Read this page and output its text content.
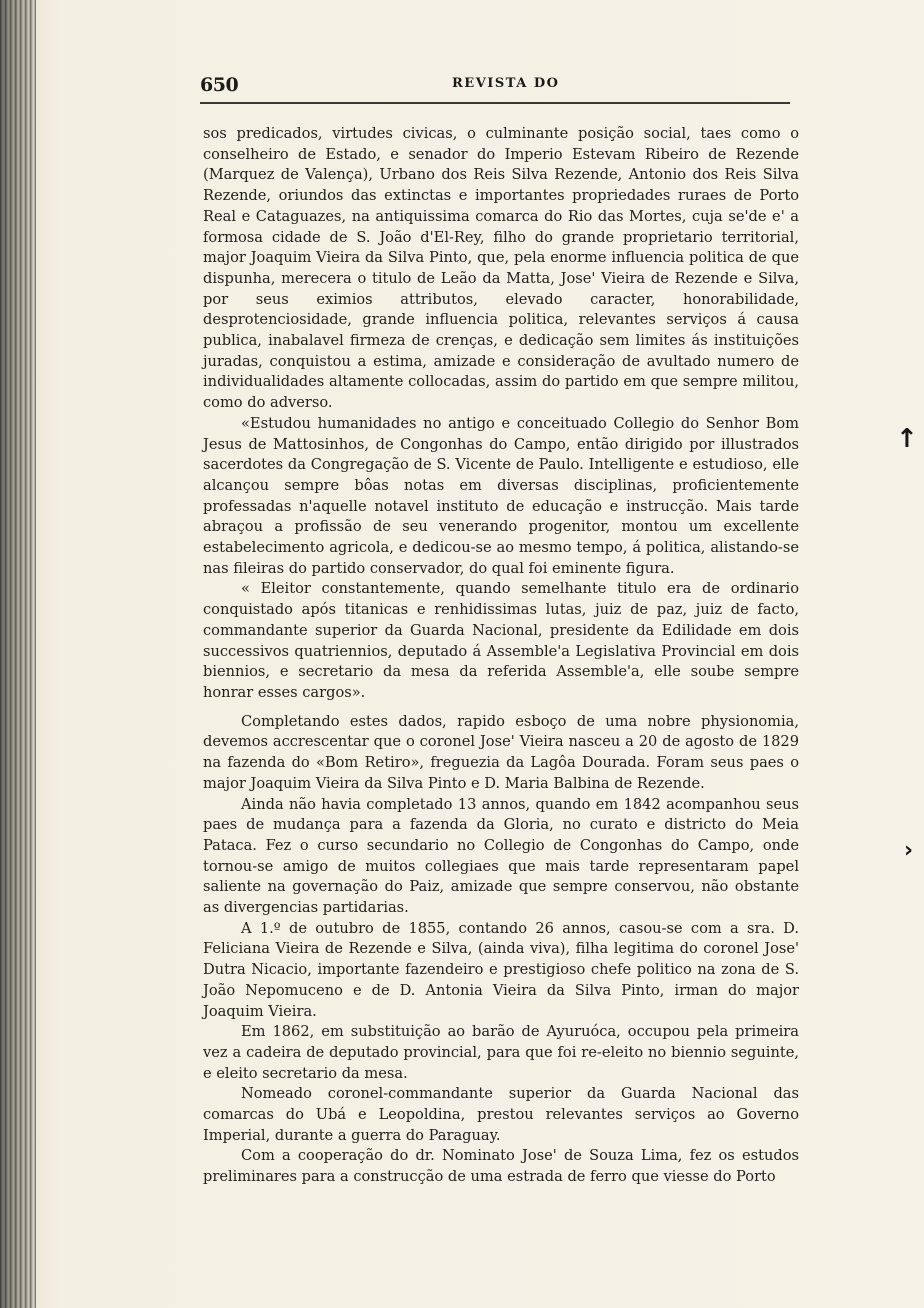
650	REVISTA DO

sos predicados, virtudes civicas, o culminante posição social, taes como o conselheiro de Estado, e senador do Imperio Estevam Ribeiro de Rezende (Marquez de Valença), Urbano dos Reis Silva Rezende, Antonio dos Reis Silva Rezende, oriundos das extinctas e importantes propriedades ruraes de Porto Real e Cataguazes, na antiquissima comarca do Rio das Mortes, cuja se'de e' a formosa cidade de S. João d'El-Rey, filho do grande proprietario territorial, major Joaquim Vieira da Silva Pinto, que, pela enorme influencia politica de que dispunha, merecera o titulo de Leão da Matta, Jose' Vieira de Rezende e Silva, por seus eximios attributos, elevado caracter, honorabilidade, desprotenciosidade, grande influencia politica, relevantes serviços á causa publica, inabalavel firmeza de crenças, e dedicação sem limites ás instituições juradas, conquistou a estima, amizade e consideração de avultado numero de individualidades altamente collocadas, assim do partido em que sempre militou, como do adverso.

«Estudou humanidades no antigo e conceituado Collegio do Senhor Bom Jesus de Mattosinhos, de Congonhas do Campo, então dirigido por illustrados sacerdotes da Congregação de S. Vicente de Paulo. Intelligente e estudioso, elle alcançou sempre bôas notas em diversas disciplinas, proficientemente professadas n'aquelle notavel instituto de educação e instrucção. Mais tarde abraçou a profissão de seu venerando progenitor, montou um excellente estabelecimento agricola, e dedicou-se ao mesmo tempo, á politica, alistando-se nas fileiras do partido conservador, do qual foi eminente figura.

« Eleitor constantemente, quando semelhante titulo era de ordinario conquistado após titanicas e renhidissimas lutas, juiz de paz, juiz de facto, commandante superior da Guarda Nacional, presidente da Edilidade em dois successivos quatriennios, deputado á Assemble'a Legislativa Provincial em dois biennios, e secretario da mesa da referida Assemble'a, elle soube sempre honrar esses cargos».

Completando estes dados, rapido esboço de uma nobre physionomia, devemos accrescentar que o coronel Jose' Vieira nasceu a 20 de agosto de 1829 na fazenda do «Bom Retiro», freguezia da Lagôa Dourada. Foram seus paes o major Joaquim Vieira da Silva Pinto e D. Maria Balbina de Rezende.

Ainda não havia completado 13 annos, quando em 1842 acompanhou seus paes de mudança para a fazenda da Gloria, no curato e districto do Meia Pataca. Fez o curso secundario no Collegio de Congonhas do Campo, onde tornou-se amigo de muitos collegiaes que mais tarde representaram papel saliente na governação do Paiz, amizade que sempre conservou, não obstante as divergencias partidarias.

A 1.º de outubro de 1855, contando 26 annos, casou-se com a sra. D. Feliciana Vieira de Rezende e Silva, (ainda viva), filha legitima do coronel Jose' Dutra Nicacio, importante fazendeiro e prestigioso chefe politico na zona de S. João Nepomuceno e de D. Antonia Vieira da Silva Pinto, irman do major Joaquim Vieira.

Em 1862, em substituição ao barão de Ayuruóca, occupou pela primeira vez a cadeira de deputado provincial, para que foi re-eleito no biennio seguinte, e eleito secretario da mesa.

Nomeado coronel-commandante superior da Guarda Nacional das comarcas do Ubá e Leopoldina, prestou relevantes serviços ao Governo Imperial, durante a guerra do Paraguay.

Com a cooperação do dr. Nominato Jose' de Souza Lima, fez os estudos preliminares para a construcção de uma estrada de ferro que viesse do Porto

↑
›
